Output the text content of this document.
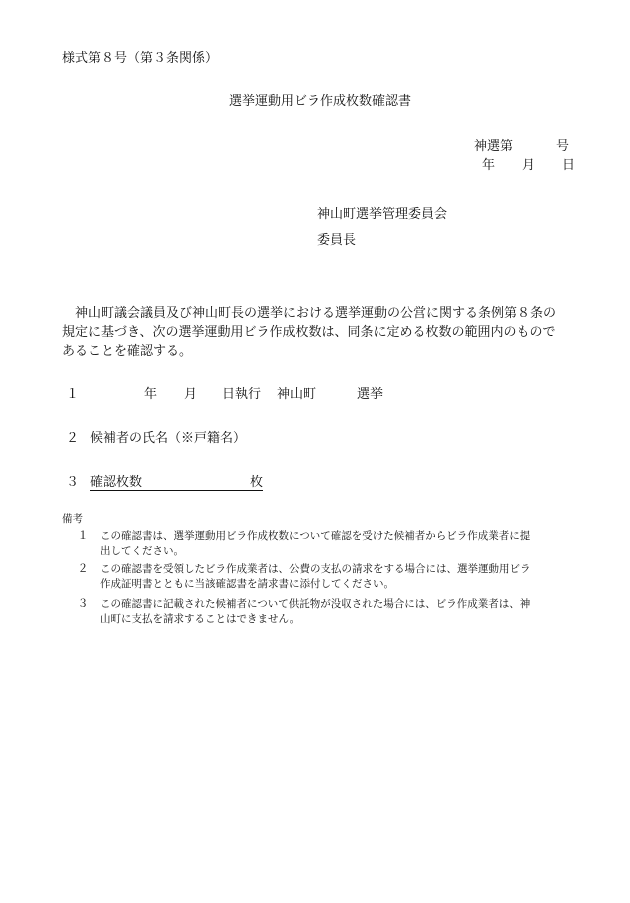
様式第８号（第３条関係）
選挙運動用ビラ作成枚数確認書
神選第	号
年 月 日
神山町選挙管理委員会
委員長
神山町議会議員及び神山町長の選挙における選挙運動の公営に関する条例第８条の
規定に基づき、次の選挙運動用ビラ作成枚数は、同条に定める枚数の範囲内のもので
あることを確認する。
１	年 月 日執行 神山町	選挙
２ 候補者の氏名（※戸籍名）
３ 確認枚数	枚
備考
１ この確認書は、選挙運動用ビラ作成枚数について確認を受けた候補者からビラ作成業者に提
出してください。
２ この確認書を受領したビラ作成業者は、公費の支払の請求をする場合には、選挙運動用ビラ
作成証明書とともに当該確認書を請求書に添付してください。
３ この確認書に記載された候補者について供託物が没収された場合には、ビラ作成業者は、神
山町に支払を請求することはできません。
